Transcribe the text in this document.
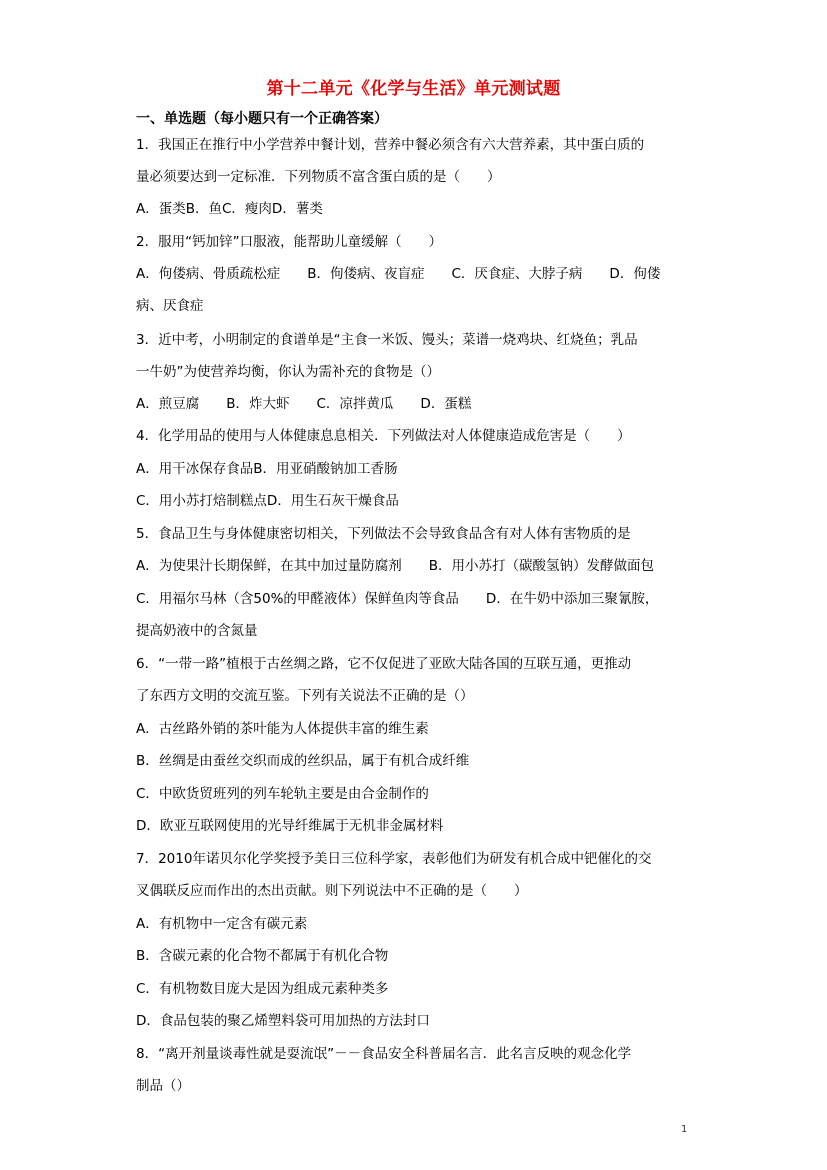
第十二单元《化学与生活》单元测试题
一、单选题（每小题只有一个正确答案）
1．我国正在推行中小学营养中餐计划，营养中餐必须含有六大营养素，其中蛋白质的
量必须要达到一定标准．下列物质不富含蛋白质的是（　　）
A．蛋类B．鱼C．瘦肉D．薯类
2．服用“钙加锌”口服液，能帮助儿童缓解（　　）
A．佝偻病、骨质疏松症　　B．佝偻病、夜盲症　　C．厌食症、大脖子病　　D．佝偻
病、厌食症
3．近中考，小明制定的食谱单是“主食一米饭、馒头；菜谱一烧鸡块、红烧鱼；乳品
一牛奶”为使营养均衡，你认为需补充的食物是（）
A．煎豆腐　　B．炸大虾　　C．凉拌黄瓜　　D．蛋糕
4．化学用品的使用与人体健康息息相关．下列做法对人体健康造成危害是（　　）
A．用干冰保存食品B．用亚硝酸钠加工香肠
C．用小苏打焙制糕点D．用生石灰干燥食品
5．食品卫生与身体健康密切相关，下列做法不会导致食品含有对人体有害物质的是
A．为使果汁长期保鲜，在其中加过量防腐剂　　B．用小苏打（碳酸氢钠）发酵做面包
C．用福尔马林（含50%的甲醛液体）保鲜鱼肉等食品　　D．在牛奶中添加三聚氰胺，
提高奶液中的含氮量
6．“一带一路”植根于古丝绸之路，它不仅促进了亚欧大陆各国的互联互通，更推动
了东西方文明的交流互鉴。下列有关说法不正确的是（）
A．古丝路外销的茶叶能为人体提供丰富的维生素
B．丝绸是由蚕丝交织而成的丝织品，属于有机合成纤维
C．中欧货贸班列的列车轮轨主要是由合金制作的
D．欧亚互联网使用的光导纤维属于无机非金属材料
7．2010年诺贝尔化学奖授予美日三位科学家，表彰他们为研发有机合成中钯催化的交
叉偶联反应而作出的杰出贡献。则下列说法中不正确的是（　　）
A．有机物中一定含有碳元素
B．含碳元素的化合物不都属于有机化合物
C．有机物数目庞大是因为组成元素种类多
D．食品包装的聚乙烯塑料袋可用加热的方法封口
8．“离开剂量谈毒性就是耍流氓”－－食品安全科普届名言．此名言反映的观念化学
制品（）
1
